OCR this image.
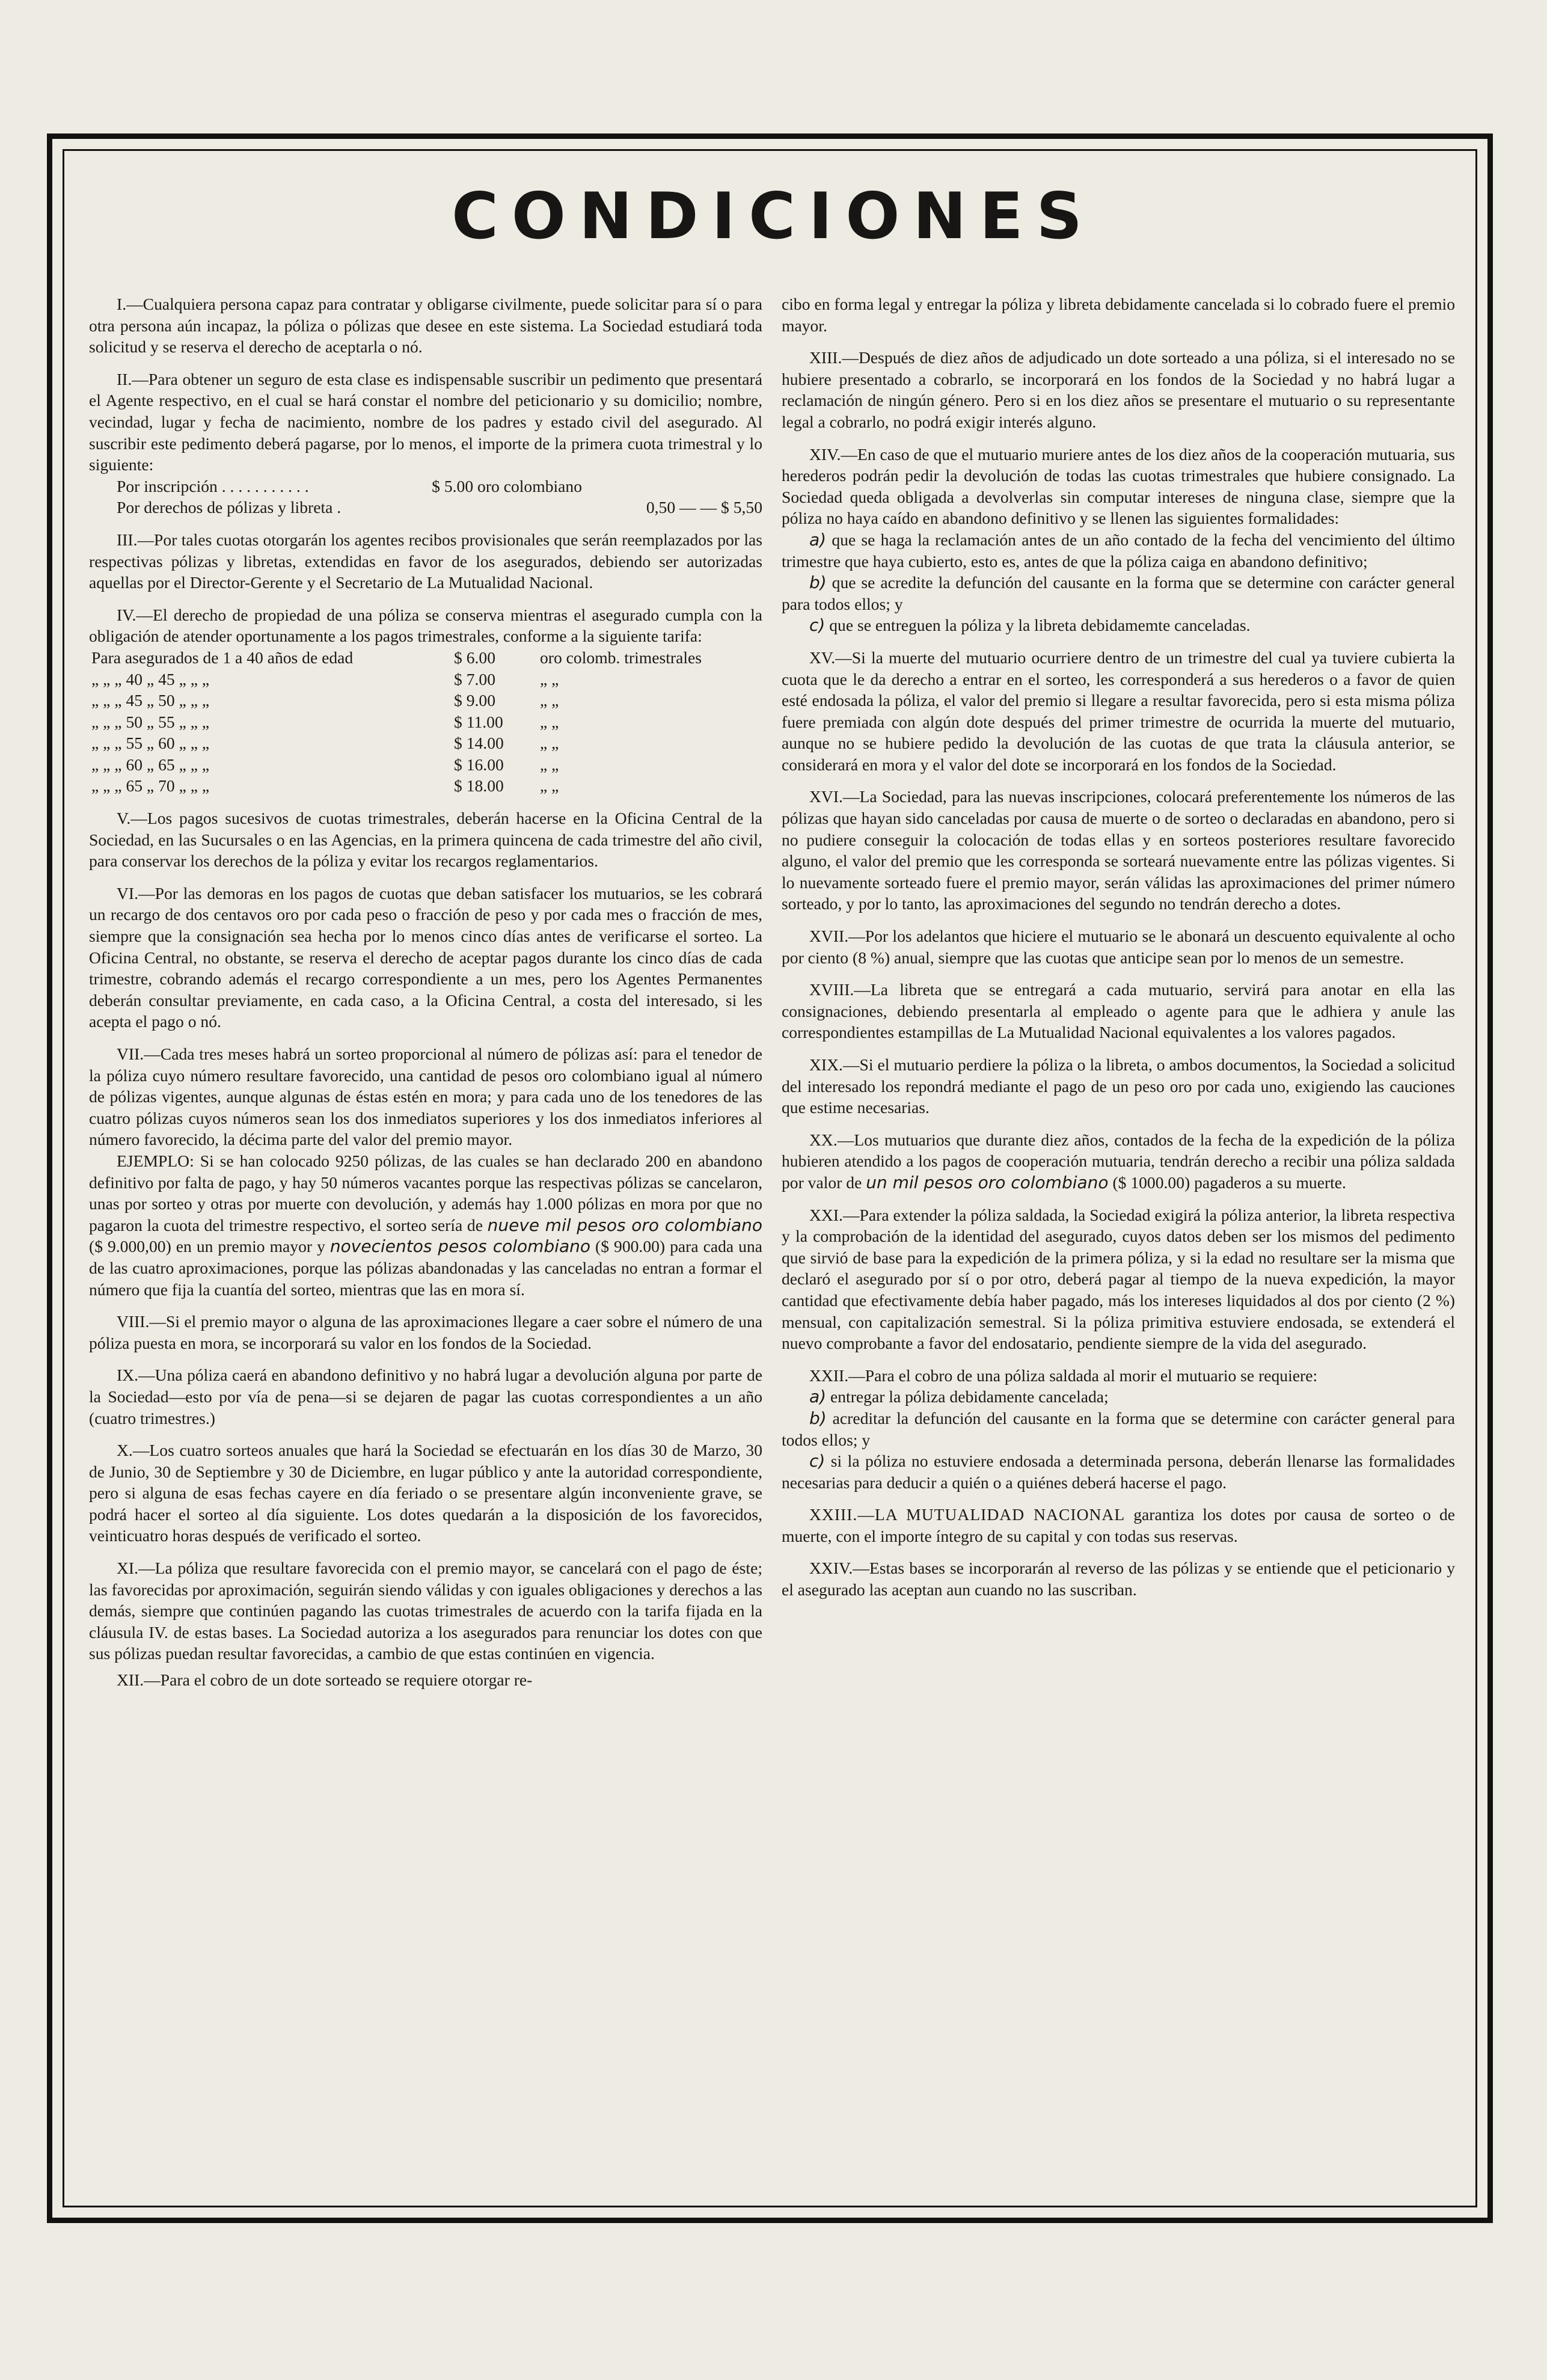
CONDICIONES

I.—Cualquiera persona capaz para contratar y obligarse civilmente, puede solicitar para sí o para otra persona aún incapaz, la póliza o pólizas que desee en este sistema. La Sociedad estudiará toda solicitud y se reserva el derecho de aceptarla o nó.

II.—Para obtener un seguro de esta clase es indispensable suscribir un pedimento que presentará el Agente respectivo, en el cual se hará constar el nombre del peticionario y su domicilio; nombre, vecindad, lugar y fecha de nacimiento, nombre de los padres y estado civil del asegurado. Al suscribir este pedimento deberá pagarse, por lo menos, el importe de la primera cuota trimestral y lo siguiente:

Por inscripción . . . . . . . . . . .	$ 5.00 oro colombiano
Por derechos de pólizas y libreta .	0,50 — — $ 5,50

III.—Por tales cuotas otorgarán los agentes recibos provisionales que serán reemplazados por las respectivas pólizas y libretas, extendidas en favor de los asegurados, debiendo ser autorizadas aquellas por el Director-Gerente y el Secretario de La Mutualidad Nacional.

IV.—El derecho de propiedad de una póliza se conserva mientras el asegurado cumpla con la obligación de atender oportunamente a los pagos trimestrales, conforme a la siguiente tarifa:

Para asegurados de 1 a 40 años de edad	$ 6.00	oro colomb. trimestrales
„ „ „ 40 „ 45 „ „ „	$ 7.00	„ „
„ „ „ 45 „ 50 „ „ „	$ 9.00	„ „
„ „ „ 50 „ 55 „ „ „	$ 11.00	„ „
„ „ „ 55 „ 60 „ „ „	$ 14.00	„ „
„ „ „ 60 „ 65 „ „ „	$ 16.00	„ „
„ „ „ 65 „ 70 „ „ „	$ 18.00	„ „

V.—Los pagos sucesivos de cuotas trimestrales, deberán hacerse en la Oficina Central de la Sociedad, en las Sucursales o en las Agencias, en la primera quincena de cada trimestre del año civil, para conservar los derechos de la póliza y evitar los recargos reglamentarios.

VI.—Por las demoras en los pagos de cuotas que deban satisfacer los mutuarios, se les cobrará un recargo de dos centavos oro por cada peso o fracción de peso y por cada mes o fracción de mes, siempre que la consignación sea hecha por lo menos cinco días antes de verificarse el sorteo. La Oficina Central, no obstante, se reserva el derecho de aceptar pagos durante los cinco días de cada trimestre, cobrando además el recargo correspondiente a un mes, pero los Agentes Permanentes deberán consultar previamente, en cada caso, a la Oficina Central, a costa del interesado, si les acepta el pago o nó.

VII.—Cada tres meses habrá un sorteo proporcional al número de pólizas así: para el tenedor de la póliza cuyo número resultare favorecido, una cantidad de pesos oro colombiano igual al número de pólizas vigentes, aunque algunas de éstas estén en mora; y para cada uno de los tenedores de las cuatro pólizas cuyos números sean los dos inmediatos superiores y los dos inmediatos inferiores al número favorecido, la décima parte del valor del premio mayor.

EJEMPLO: Si se han colocado 9250 pólizas, de las cuales se han declarado 200 en abandono definitivo por falta de pago, y hay 50 números vacantes porque las respectivas pólizas se cancelaron, unas por sorteo y otras por muerte con devolución, y además hay 1.000 pólizas en mora por que no pagaron la cuota del trimestre respectivo, el sorteo sería de nueve mil pesos oro colombiano ($ 9.000,00) en un premio mayor y novecientos pesos colombiano ($ 900.00) para cada una de las cuatro aproximaciones, porque las pólizas abandonadas y las canceladas no entran a formar el número que fija la cuantía del sorteo, mientras que las en mora sí.

VIII.—Si el premio mayor o alguna de las aproximaciones llegare a caer sobre el número de una póliza puesta en mora, se incorporará su valor en los fondos de la Sociedad.

IX.—Una póliza caerá en abandono definitivo y no habrá lugar a devolución alguna por parte de la Sociedad—esto por vía de pena—si se dejaren de pagar las cuotas correspondientes a un año (cuatro trimestres.)

X.—Los cuatro sorteos anuales que hará la Sociedad se efectuarán en los días 30 de Marzo, 30 de Junio, 30 de Septiembre y 30 de Diciembre, en lugar público y ante la autoridad correspondiente, pero si alguna de esas fechas cayere en día feriado o se presentare algún inconveniente grave, se podrá hacer el sorteo al día siguiente. Los dotes quedarán a la disposición de los favorecidos, veinticuatro horas después de verificado el sorteo.

XI.—La póliza que resultare favorecida con el premio mayor, se cancelará con el pago de éste; las favorecidas por aproximación, seguirán siendo válidas y con iguales obligaciones y derechos a las demás, siempre que continúen pagando las cuotas trimestrales de acuerdo con la tarifa fijada en la cláusula IV. de estas bases. La Sociedad autoriza a los asegurados para renunciar los dotes con que sus pólizas puedan resultar favorecidas, a cambio de que estas continúen en vigencia.

XII.—Para el cobro de un dote sorteado se requiere otorgar re-

cibo en forma legal y entregar la póliza y libreta debidamente cancelada si lo cobrado fuere el premio mayor.

XIII.—Después de diez años de adjudicado un dote sorteado a una póliza, si el interesado no se hubiere presentado a cobrarlo, se incorporará en los fondos de la Sociedad y no habrá lugar a reclamación de ningún género. Pero si en los diez años se presentare el mutuario o su representante legal a cobrarlo, no podrá exigir interés alguno.

XIV.—En caso de que el mutuario muriere antes de los diez años de la cooperación mutuaria, sus herederos podrán pedir la devolución de todas las cuotas trimestrales que hubiere consignado. La Sociedad queda obligada a devolverlas sin computar intereses de ninguna clase, siempre que la póliza no haya caído en abandono definitivo y se llenen las siguientes formalidades:

a) que se haga la reclamación antes de un año contado de la fecha del vencimiento del último trimestre que haya cubierto, esto es, antes de que la póliza caiga en abandono definitivo;

b) que se acredite la defunción del causante en la forma que se determine con carácter general para todos ellos; y

c) que se entreguen la póliza y la libreta debidamemte canceladas.

XV.—Si la muerte del mutuario ocurriere dentro de un trimestre del cual ya tuviere cubierta la cuota que le da derecho a entrar en el sorteo, les corresponderá a sus herederos o a favor de quien esté endosada la póliza, el valor del premio si llegare a resultar favorecida, pero si esta misma póliza fuere premiada con algún dote después del primer trimestre de ocurrida la muerte del mutuario, aunque no se hubiere pedido la devolución de las cuotas de que trata la cláusula anterior, se considerará en mora y el valor del dote se incorporará en los fondos de la Sociedad.

XVI.—La Sociedad, para las nuevas inscripciones, colocará preferentemente los números de las pólizas que hayan sido canceladas por causa de muerte o de sorteo o declaradas en abandono, pero si no pudiere conseguir la colocación de todas ellas y en sorteos posteriores resultare favorecido alguno, el valor del premio que les corresponda se sorteará nuevamente entre las pólizas vigentes. Si lo nuevamente sorteado fuere el premio mayor, serán válidas las aproximaciones del primer número sorteado, y por lo tanto, las aproximaciones del segundo no tendrán derecho a dotes.

XVII.—Por los adelantos que hiciere el mutuario se le abonará un descuento equivalente al ocho por ciento (8 %) anual, siempre que las cuotas que anticipe sean por lo menos de un semestre.

XVIII.—La libreta que se entregará a cada mutuario, servirá para anotar en ella las consignaciones, debiendo presentarla al empleado o agente para que le adhiera y anule las correspondientes estampillas de La Mutualidad Nacional equivalentes a los valores pagados.

XIX.—Si el mutuario perdiere la póliza o la libreta, o ambos documentos, la Sociedad a solicitud del interesado los repondrá mediante el pago de un peso oro por cada uno, exigiendo las cauciones que estime necesarias.

XX.—Los mutuarios que durante diez años, contados de la fecha de la expedición de la póliza hubieren atendido a los pagos de cooperación mutuaria, tendrán derecho a recibir una póliza saldada por valor de un mil pesos oro colombiano ($ 1000.00) pagaderos a su muerte.

XXI.—Para extender la póliza saldada, la Sociedad exigirá la póliza anterior, la libreta respectiva y la comprobación de la identidad del asegurado, cuyos datos deben ser los mismos del pedimento que sirvió de base para la expedición de la primera póliza, y si la edad no resultare ser la misma que declaró el asegurado por sí o por otro, deberá pagar al tiempo de la nueva expedición, la mayor cantidad que efectivamente debía haber pagado, más los intereses liquidados al dos por ciento (2 %) mensual, con capitalización semestral. Si la póliza primitiva estuviere endosada, se extenderá el nuevo comprobante a favor del endosatario, pendiente siempre de la vida del asegurado.

XXII.—Para el cobro de una póliza saldada al morir el mutuario se requiere:

a) entregar la póliza debidamente cancelada;

b) acreditar la defunción del causante en la forma que se determine con carácter general para todos ellos; y

c) si la póliza no estuviere endosada a determinada persona, deberán llenarse las formalidades necesarias para deducir a quién o a quiénes deberá hacerse el pago.

XXIII.—LA MUTUALIDAD NACIONAL garantiza los dotes por causa de sorteo o de muerte, con el importe íntegro de su capital y con todas sus reservas.

XXIV.—Estas bases se incorporarán al reverso de las pólizas y se entiende que el peticionario y el asegurado las aceptan aun cuando no las suscriban.
